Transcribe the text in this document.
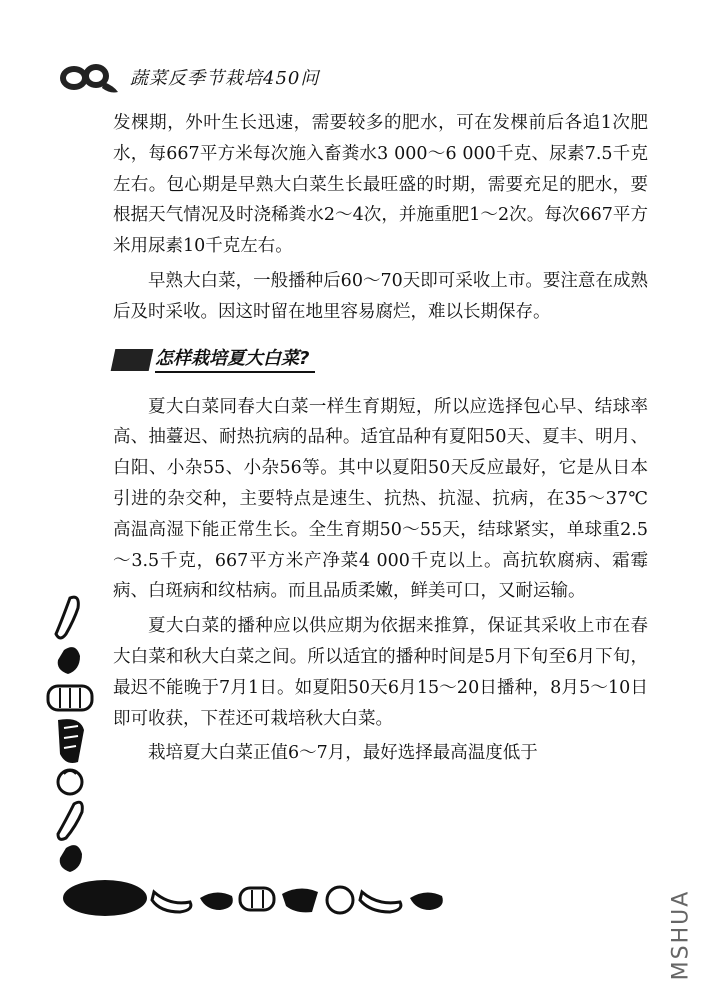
蔬菜反季节栽培450问

发棵期，外叶生长迅速，需要较多的肥水，可在发棵前后各追1次肥水，每667平方米每次施入畜粪水3 000～6 000千克、尿素7.5千克左右。包心期是早熟大白菜生长最旺盛的时期，需要充足的肥水，要根据天气情况及时浇稀粪水2～4次，并施重肥1～2次。每次667平方米用尿素10千克左右。

早熟大白菜，一般播种后60～70天即可采收上市。要注意在成熟后及时采收。因这时留在地里容易腐烂，难以长期保存。

怎样栽培夏大白菜?

夏大白菜同春大白菜一样生育期短，所以应选择包心早、结球率高、抽薹迟、耐热抗病的品种。适宜品种有夏阳50天、夏丰、明月、白阳、小杂55、小杂56等。其中以夏阳50天反应最好，它是从日本引进的杂交种，主要特点是速生、抗热、抗湿、抗病，在35～37℃高温高湿下能正常生长。全生育期50～55天，结球紧实，单球重2.5～3.5千克，667平方米产净菜4 000千克以上。高抗软腐病、霜霉病、白斑病和纹枯病。而且品质柔嫩，鲜美可口，又耐运输。

夏大白菜的播种应以供应期为依据来推算，保证其采收上市在春大白菜和秋大白菜之间。所以适宜的播种时间是5月下旬至6月下旬，最迟不能晚于7月1日。如夏阳50天6月15～20日播种，8月5～10日即可收获，下茬还可栽培秋大白菜。

栽培夏大白菜正值6～7月，最好选择最高温度低于

MSHUA
